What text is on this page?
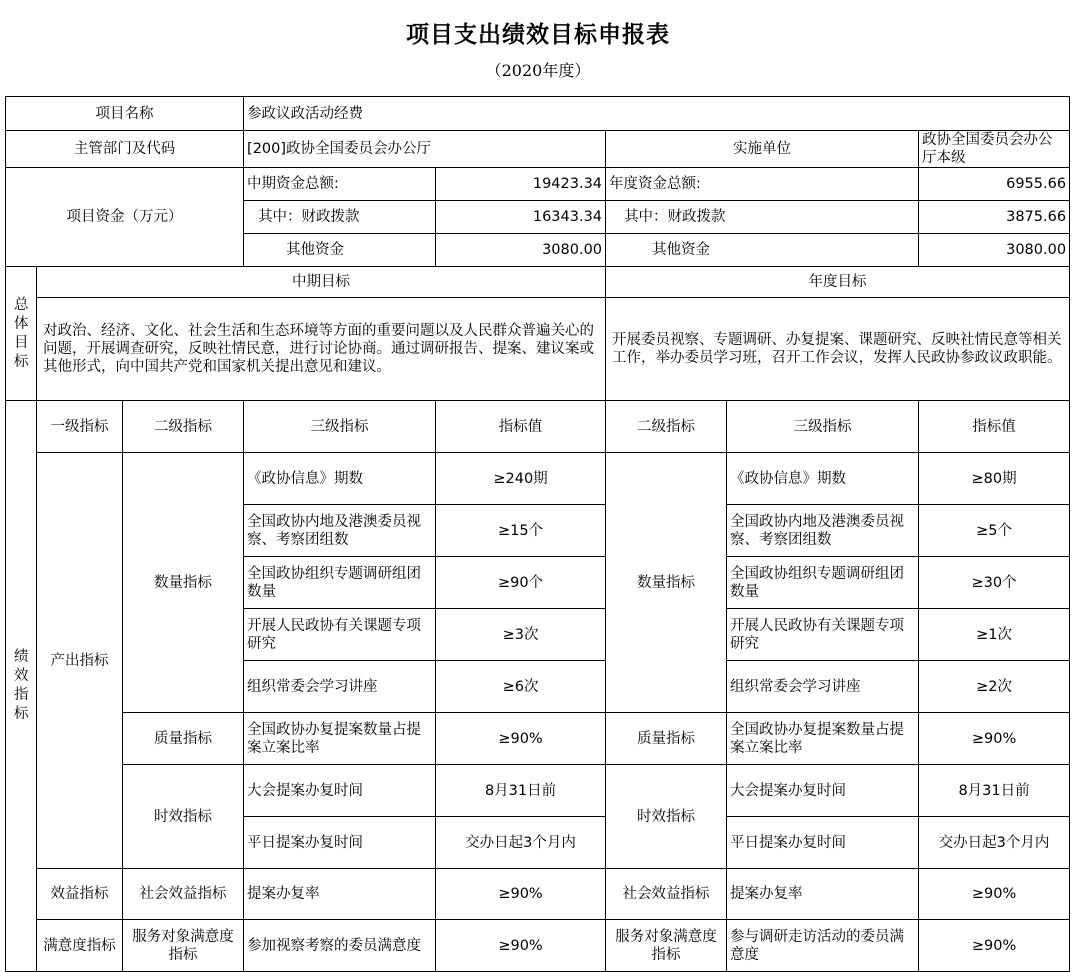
项目支出绩效目标申报表
（2020年度）
项目名称			参政议政活动经费				
主管部门及代码			[200]政协全国委员会办公厅		实施单位		政协全国委员会办公厅本级
项目资金（万元）			中期资金总额:	19423.34	年度资金总额:		6955.66
			其中：财政拨款	16343.34	其中：财政拨款		3875.66
			其他资金	3080.00	其他资金		3080.00

总体目标	中期目标				年度目标		
	对政治、经济、文化、社会生活和生态环境等方面的重要问题以及人民群众普遍关心的问题，开展调查研究，反映社情民意，进行讨论协商。通过调研报告、提案、建议案或其他形式，向中国共产党和国家机关提出意见和建议。				开展委员视察、专题调研、办复提案、课题研究、反映社情民意等相关工作，举办委员学习班，召开工作会议，发挥人民政协参政议政职能。		

绩效指标	一级指标	二级指标	三级指标	指标值	二级指标	三级指标	指标值
	产出指标	数量指标	《政协信息》期数	≥240期	数量指标	《政协信息》期数	≥80期
			全国政协内地及港澳委员视察、考察团组数	≥15个		全国政协内地及港澳委员视察、考察团组数	≥5个
			全国政协组织专题调研组团数量	≥90个		全国政协组织专题调研组团数量	≥30个
			开展人民政协有关课题专项研究	≥3次		开展人民政协有关课题专项研究	≥1次
			组织常委会学习讲座	≥6次		组织常委会学习讲座	≥2次
		质量指标	全国政协办复提案数量占提案立案比率	≥90%	质量指标	全国政协办复提案数量占提案立案比率	≥90%
		时效指标	大会提案办复时间	8月31日前	时效指标	大会提案办复时间	8月31日前
			平日提案办复时间	交办日起3个月内		平日提案办复时间	交办日起3个月内
	效益指标	社会效益指标	提案办复率	≥90%	社会效益指标	提案办复率	≥90%
	满意度指标	服务对象满意度指标	参加视察考察的委员满意度	≥90%	服务对象满意度指标	参与调研走访活动的委员满意度	≥90%
